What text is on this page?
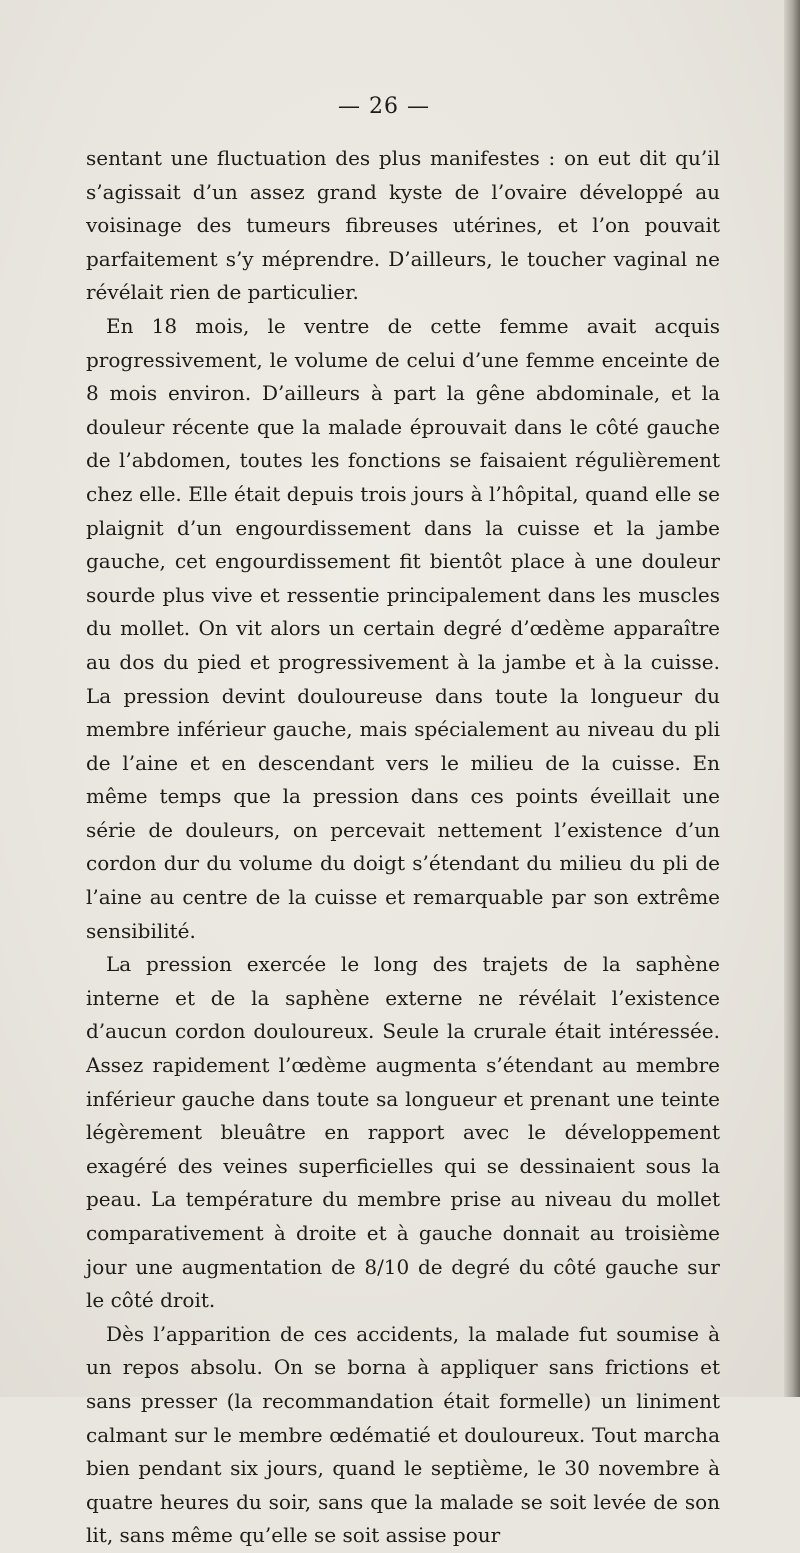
— 26 —

sentant une fluctuation des plus manifestes : on eut dit qu’il s’agissait d’un assez grand kyste de l’ovaire développé au voisinage des tumeurs fibreuses utérines, et l’on pouvait parfaitement s’y méprendre. D’ailleurs, le toucher vaginal ne révélait rien de particulier.

En 18 mois, le ventre de cette femme avait acquis progressivement, le volume de celui d’une femme enceinte de 8 mois environ. D’ailleurs à part la gêne abdominale, et la douleur récente que la malade éprouvait dans le côté gauche de l’abdomen, toutes les fonctions se faisaient régulièrement chez elle. Elle était depuis trois jours à l’hôpital, quand elle se plaignit d’un engourdissement dans la cuisse et la jambe gauche, cet engourdissement fit bientôt place à une douleur sourde plus vive et ressentie principalement dans les muscles du mollet. On vit alors un certain degré d’œdème apparaître au dos du pied et progressivement à la jambe et à la cuisse. La pression devint douloureuse dans toute la longueur du membre inférieur gauche, mais spécialement au niveau du pli de l’aine et en descendant vers le milieu de la cuisse. En même temps que la pression dans ces points éveillait une série de douleurs, on percevait nettement l’existence d’un cordon dur du volume du doigt s’étendant du milieu du pli de l’aine au centre de la cuisse et remarquable par son extrême sensibilité.

La pression exercée le long des trajets de la saphène interne et de la saphène externe ne révélait l’existence d’aucun cordon douloureux. Seule la crurale était intéressée. Assez rapidement l’œdème augmenta s’étendant au membre inférieur gauche dans toute sa longueur et prenant une teinte légèrement bleuâtre en rapport avec le développement exagéré des veines superficielles qui se dessinaient sous la peau. La température du membre prise au niveau du mollet comparativement à droite et à gauche donnait au troisième jour une augmentation de 8/10 de degré du côté gauche sur le côté droit.

Dès l’apparition de ces accidents, la malade fut soumise à un repos absolu. On se borna à appliquer sans frictions et sans presser (la recommandation était formelle) un liniment calmant sur le membre œdématié et douloureux. Tout marcha bien pendant six jours, quand le septième, le 30 novembre à quatre heures du soir, sans que la malade se soit levée de son lit, sans même qu’elle se soit assise pour
